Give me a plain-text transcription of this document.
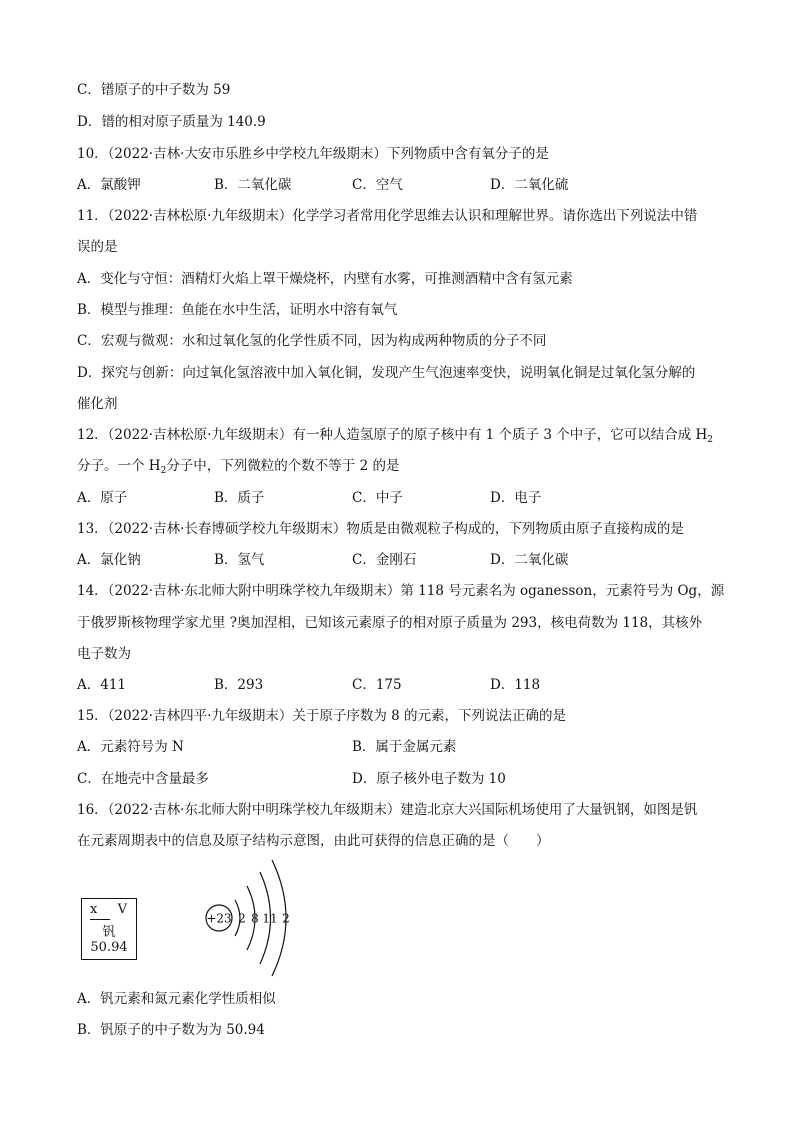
C．镨原子的中子数为 59
D．镨的相对原子质量为 140.9
10．（2022·吉林·大安市乐胜乡中学校九年级期末）下列物质中含有氧分子的是
A．氯酸钾	B．二氧化碳	C．空气	D．二氧化硫
11．（2022·吉林松原·九年级期末）化学学习者常用化学思维去认识和理解世界。请你选出下列说法中错
误的是
A．变化与守恒：酒精灯火焰上罩干燥烧杯，内壁有水雾，可推测酒精中含有氢元素
B．模型与推理：鱼能在水中生活，证明水中溶有氧气
C．宏观与微观：水和过氧化氢的化学性质不同，因为构成两种物质的分子不同
D．探究与创新：向过氧化氢溶液中加入氧化铜，发现产生气泡速率变快，说明氧化铜是过氧化氢分解的
催化剂
12．（2022·吉林松原·九年级期末）有一种人造氢原子的原子核中有 1 个质子 3 个中子，它可以结合成 $H_2$
分子。一个 $H_2$分子中，下列微粒的个数不等于 2 的是
A．原子	B．质子	C．中子	D．电子
13．（2022·吉林·长春博硕学校九年级期末）物质是由微观粒子构成的，下列物质由原子直接构成的是
A．氯化钠	B．氢气	C．金刚石	D．二氧化碳
14．（2022·吉林·东北师大附中明珠学校九年级期末）第 118 号元素名为 oganesson，元素符号为 Og，源
于俄罗斯核物理学家尤里 ?奥加涅相，已知该元素原子的相对原子质量为 293，核电荷数为 118，其核外
电子数为
A．411	B．293	C．175	D．118
15．（2022·吉林四平·九年级期末）关于原子序数为 8 的元素，下列说法正确的是
A．元素符号为 N	B．属于金属元素
C．在地壳中含量最多	D．原子核外电子数为 10
16．（2022·吉林·东北师大附中明珠学校九年级期末）建造北京大兴国际机场使用了大量钒钢，如图是钒
在元素周期表中的信息及原子结构示意图，由此可获得的信息正确的是（　　）
x V
钒
50.94
+23 2 8 11 2
A．钒元素和氮元素化学性质相似
B．钒原子的中子数为为 50.94
